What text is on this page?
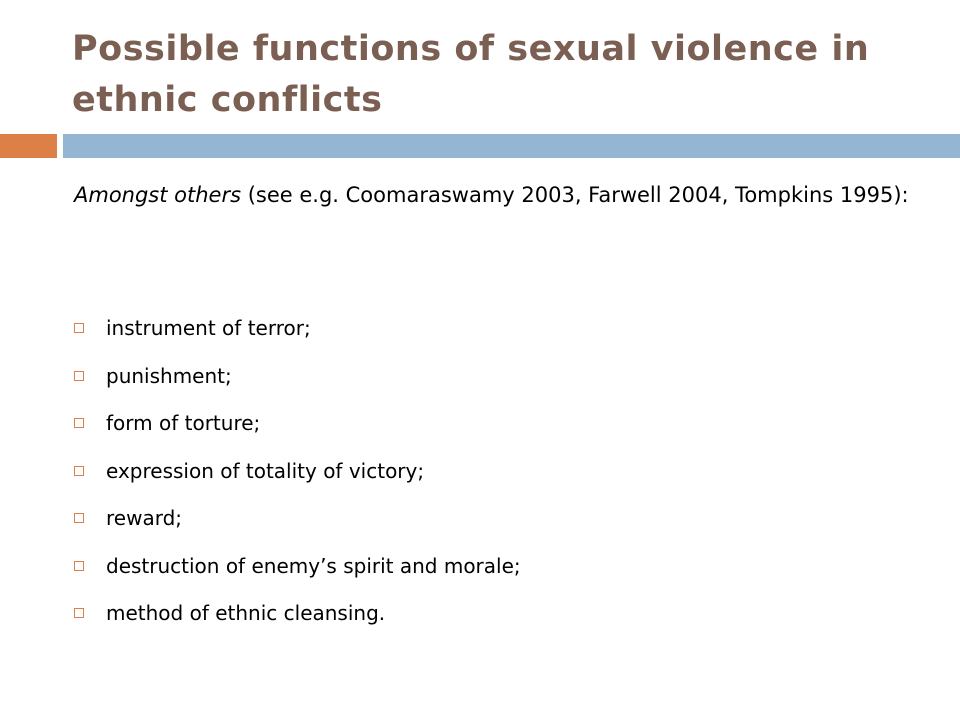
Possible functions of sexual violence in ethnic conflicts

Amongst others (see e.g. Coomaraswamy 2003, Farwell 2004, Tompkins 1995):

instrument of terror;
punishment;
form of torture;
expression of totality of victory;
reward;
destruction of enemy’s spirit and morale;
method of ethnic cleansing.
